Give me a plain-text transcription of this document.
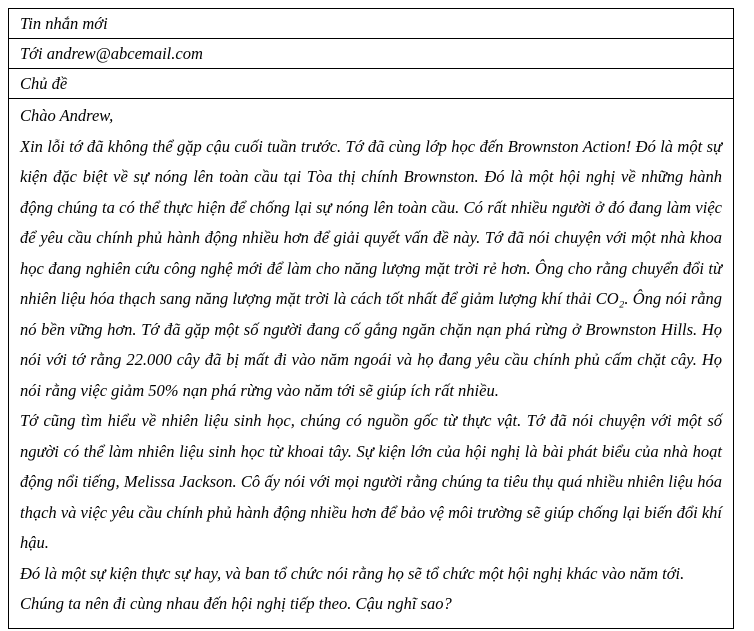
Tin nhắn mới
Tới andrew@abcemail.com
Chủ đề

Chào Andrew,

Xin lỗi tớ đã không thể gặp cậu cuối tuần trước. Tớ đã cùng lớp học đến Brownston Action! Đó là một sự kiện đặc biệt về sự nóng lên toàn cầu tại Tòa thị chính Brownston. Đó là một hội nghị về những hành động chúng ta có thể thực hiện để chống lại sự nóng lên toàn cầu. Có rất nhiều người ở đó đang làm việc để yêu cầu chính phủ hành động nhiều hơn để giải quyết vấn đề này. Tớ đã nói chuyện với một nhà khoa học đang nghiên cứu công nghệ mới để làm cho năng lượng mặt trời rẻ hơn. Ông cho rằng chuyển đổi từ nhiên liệu hóa thạch sang năng lượng mặt trời là cách tốt nhất để giảm lượng khí thải CO₂. Ông nói rằng nó bền vững hơn. Tớ đã gặp một số người đang cố gắng ngăn chặn nạn phá rừng ở Brownston Hills. Họ nói với tớ rằng 22.000 cây đã bị mất đi vào năm ngoái và họ đang yêu cầu chính phủ cấm chặt cây. Họ nói rằng việc giảm 50% nạn phá rừng vào năm tới sẽ giúp ích rất nhiều.

Tớ cũng tìm hiểu về nhiên liệu sinh học, chúng có nguồn gốc từ thực vật. Tớ đã nói chuyện với một số người có thể làm nhiên liệu sinh học từ khoai tây. Sự kiện lớn của hội nghị là bài phát biểu của nhà hoạt động nổi tiếng, Melissa Jackson. Cô ấy nói với mọi người rằng chúng ta tiêu thụ quá nhiều nhiên liệu hóa thạch và việc yêu cầu chính phủ hành động nhiều hơn để bảo vệ môi trường sẽ giúp chống lại biến đổi khí hậu.

Đó là một sự kiện thực sự hay, và ban tổ chức nói rằng họ sẽ tổ chức một hội nghị khác vào năm tới. Chúng ta nên đi cùng nhau đến hội nghị tiếp theo. Cậu nghĩ sao?
